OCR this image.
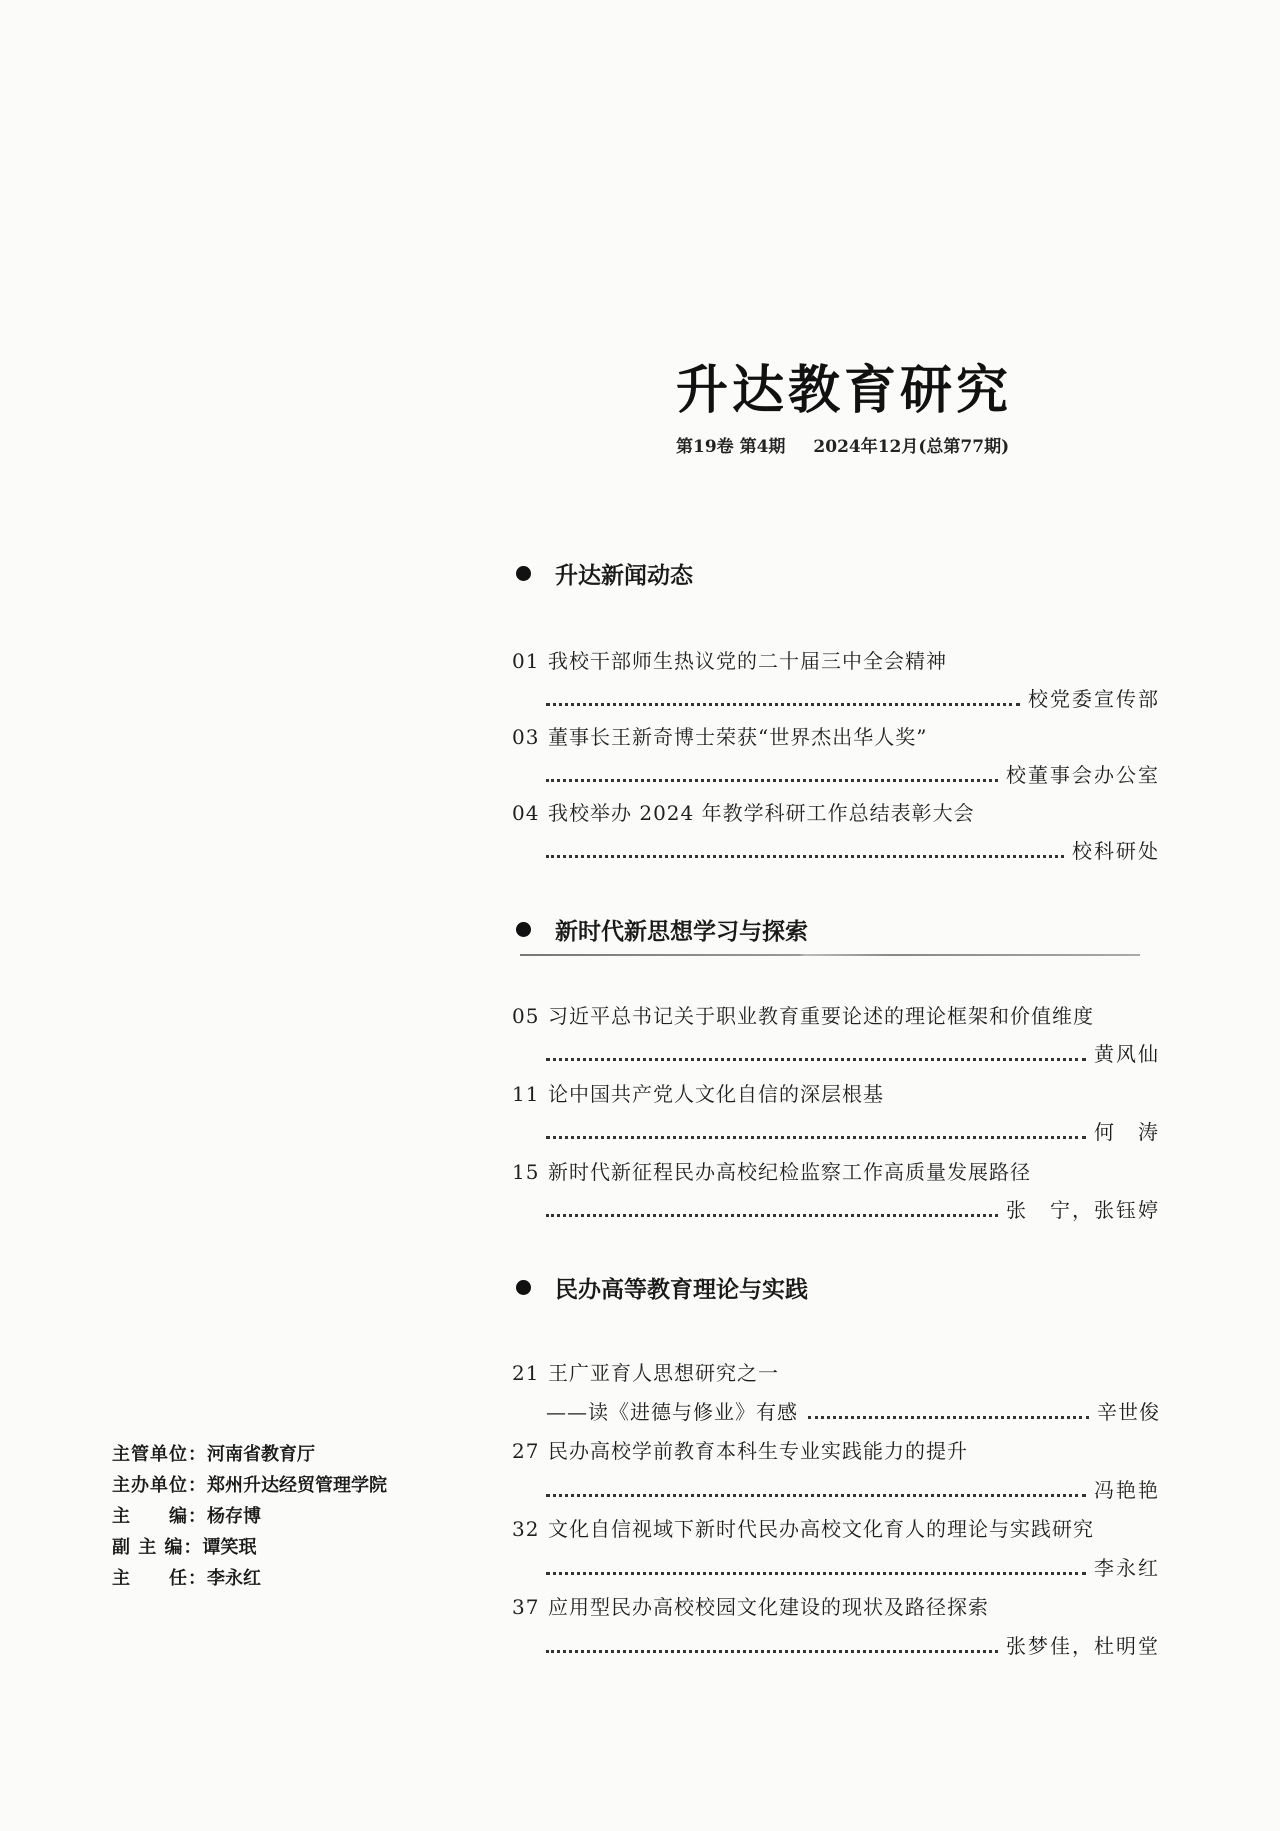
升达教育研究
第19卷 第4期 2024年12月(总第77期)
升达新闻动态
01 我校干部师生热议党的二十届三中全会精神
校党委宣传部
03 董事长王新奇博士荣获“世界杰出华人奖”
校董事会办公室
04 我校举办 2024 年教学科研工作总结表彰大会
校科研处
新时代新思想学习与探索
05 习近平总书记关于职业教育重要论述的理论框架和价值维度
黄风仙
11 论中国共产党人文化自信的深层根基
何　涛
15 新时代新征程民办高校纪检监察工作高质量发展路径
张　宁，张钰婷
民办高等教育理论与实践
21 王广亚育人思想研究之一
——读《进德与修业》有感	辛世俊
27 民办高校学前教育本科生专业实践能力的提升
冯艳艳
32 文化自信视域下新时代民办高校文化育人的理论与实践研究
李永红
37 应用型民办高校校园文化建设的现状及路径探索
张梦佳，杜明堂
主管单位：河南省教育厅
主办单位：郑州升达经贸管理学院
主　　编：杨存博
副 主 编：谭笑珉
主　　任：李永红
